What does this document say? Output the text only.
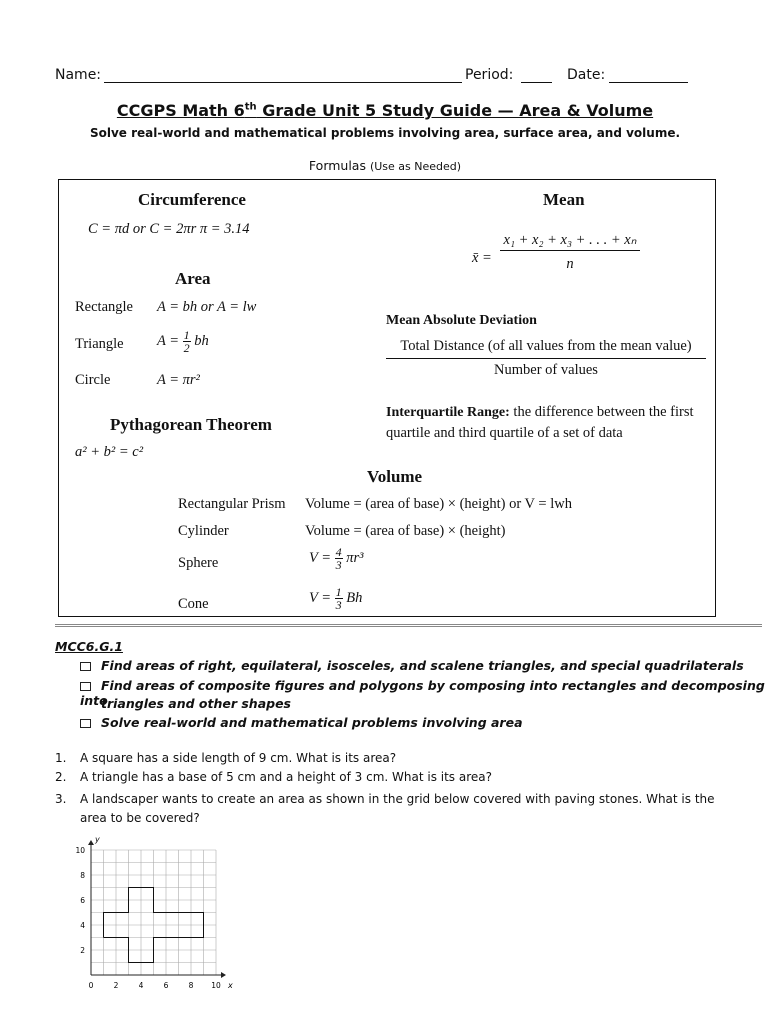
Name:	Period:	Date:
CCGPS Math 6th Grade Unit 5 Study Guide — Area & Volume
Solve real-world and mathematical problems involving area, surface area, and volume.
Formulas (Use as Needed)
Circumference
C = πd or C = 2πr π = 3.14
Area
Rectangle A = bh or A = lw
Triangle $A = \frac{1}{2}$ bh
Circle	A = πr²
Pythagorean Theorem
a² + b² = c²
Mean
x̄ =
x₁ + x₂ + x₃ + . . . + xₙ
n
Mean Absolute Deviation
Total Distance (of all values from the mean value)
Number of values
Interquartile Range: the difference between the first
quartile and third quartile of a set of data
Volume
Rectangular Prism Volume = (area of base) × (height) or V = lwh
Cylinder	Volume = (area of base) × (height)
Sphere	$V = \frac{4}{3} \pi r^3$
Cone	$V = \frac{1}{3}$ Bh
MCC6.G.1
Find areas of right, equilateral, isosceles, and scalene triangles, and special quadrilaterals
Find areas of composite figures and polygons by composing into rectangles and decomposing into
triangles and other shapes
Solve real-world and mathematical problems involving area
1. A square has a side length of 9 cm. What is its area?
2. A triangle has a base of 5 cm and a height of 3 cm. What is its area?
3. A landscaper wants to create an area as shown in the grid below covered with paving stones. What is the
area to be covered?
x
y
0	2	4	6	8 10
2
4
6
8
10
